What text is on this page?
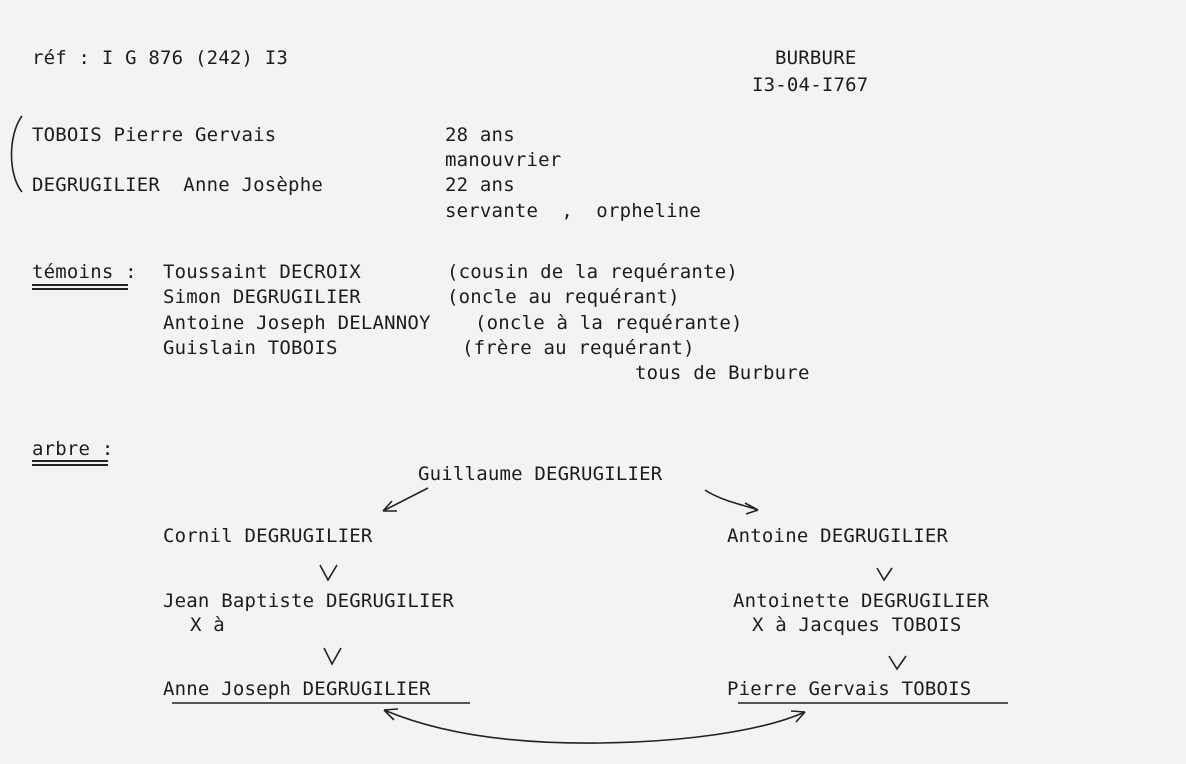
réf : I G 876 (242) I3	BURBURE
I3-04-I767
TOBOIS Pierre Gervais	28 ans
manouvrier
DEGRUGILIER  Anne Josèphe	22 ans
servante  ,  orpheline
témoins : Toussaint DECROIX	(cousin de la requérante)
Simon DEGRUGILIER	(oncle au requérant)
Antoine Joseph DELANNOY (oncle à la requérante)
Guislain TOBOIS	(frère au requérant)
tous de Burbure
arbre :
Guillaume DEGRUGILIER
Cornil DEGRUGILIER
Jean Baptiste DEGRUGILIER
X à
Anne Joseph DEGRUGILIER
Antoine DEGRUGILIER
Antoinette DEGRUGILIER
X à Jacques TOBOIS
Pierre Gervais TOBOIS
